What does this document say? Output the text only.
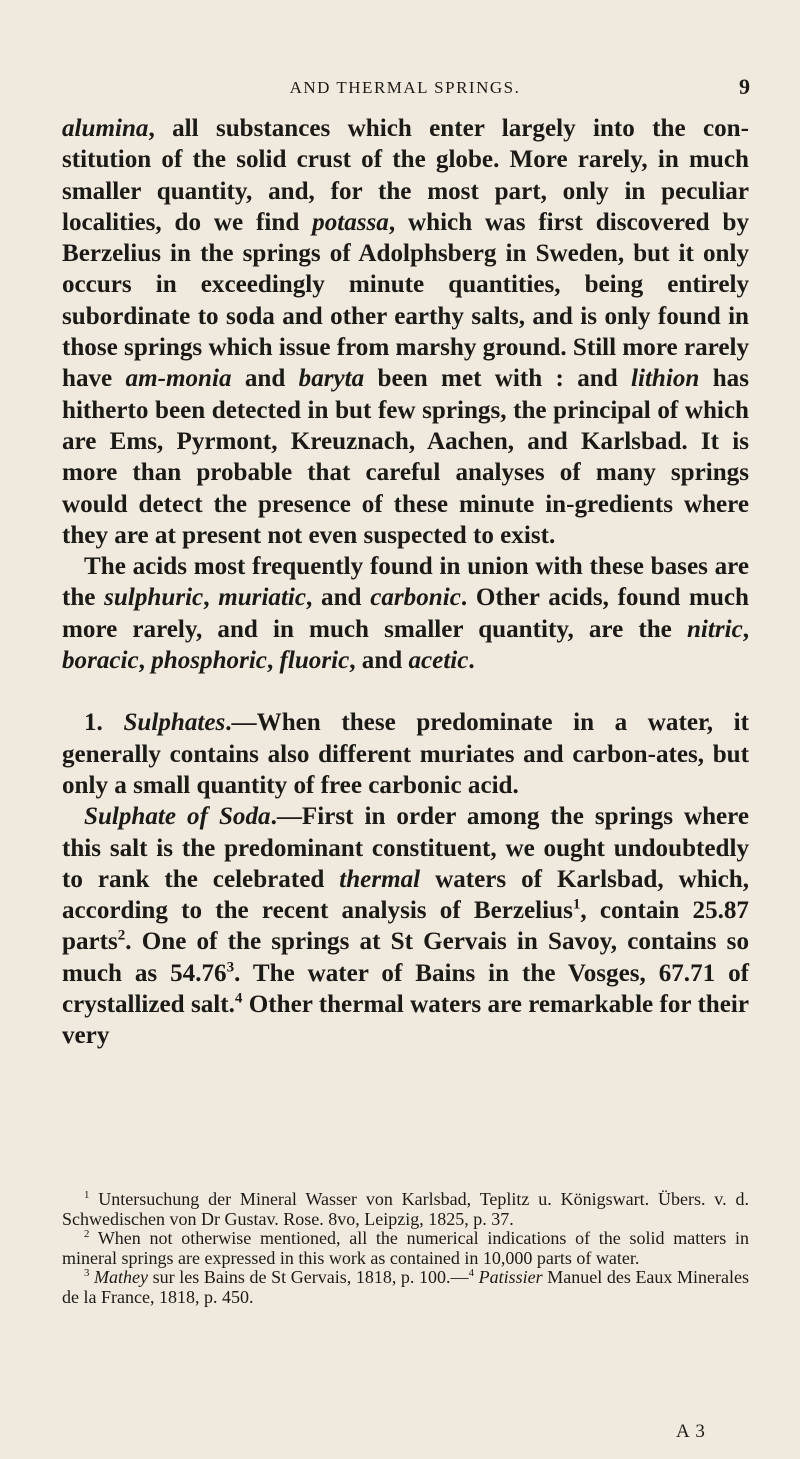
AND THERMAL SPRINGS.	9

alumina, all substances which enter largely into the con-stitution of the solid crust of the globe. More rarely, in much smaller quantity, and, for the most part, only in peculiar localities, do we find potassa, which was first discovered by Berzelius in the springs of Adolphsberg in Sweden, but it only occurs in exceedingly minute quantities, being entirely subordinate to soda and other earthy salts, and is only found in those springs which issue from marshy ground. Still more rarely have am-monia and baryta been met with : and lithion has hitherto been detected in but few springs, the principal of which are Ems, Pyrmont, Kreuznach, Aachen, and Karlsbad. It is more than probable that careful analyses of many springs would detect the presence of these minute in-gredients where they are at present not even suspected to exist.

The acids most frequently found in union with these bases are the sulphuric, muriatic, and carbonic. Other acids, found much more rarely, and in much smaller quantity, are the nitric, boracic, phosphoric, fluoric, and acetic.

1. Sulphates.—When these predominate in a water, it generally contains also different muriates and carbon-ates, but only a small quantity of free carbonic acid.

Sulphate of Soda.—First in order among the springs where this salt is the predominant constituent, we ought undoubtedly to rank the celebrated thermal waters of Karlsbad, which, according to the recent analysis of Berzelius$^1$, contain 25.87 parts$^2$. One of the springs at St Gervais in Savoy, contains so much as 54.76$^3$. The water of Bains in the Vosges, 67.71 of crystallized salt.$^4$ Other thermal waters are remarkable for their very

$^1$ Untersuchung der Mineral Wasser von Karlsbad, Teplitz u. Königswart. Übers. v. d. Schwedischen von Dr Gustav. Rose. 8vo, Leipzig, 1825, p. 37.

$^2$ When not otherwise mentioned, all the numerical indications of the solid matters in mineral springs are expressed in this work as contained in 10,000 parts of water.

$^3$ Mathey sur les Bains de St Gervais, 1818, p. 100.—$^4$ Patissier Manuel des Eaux Minerales de la France, 1818, p. 450.

A 3
